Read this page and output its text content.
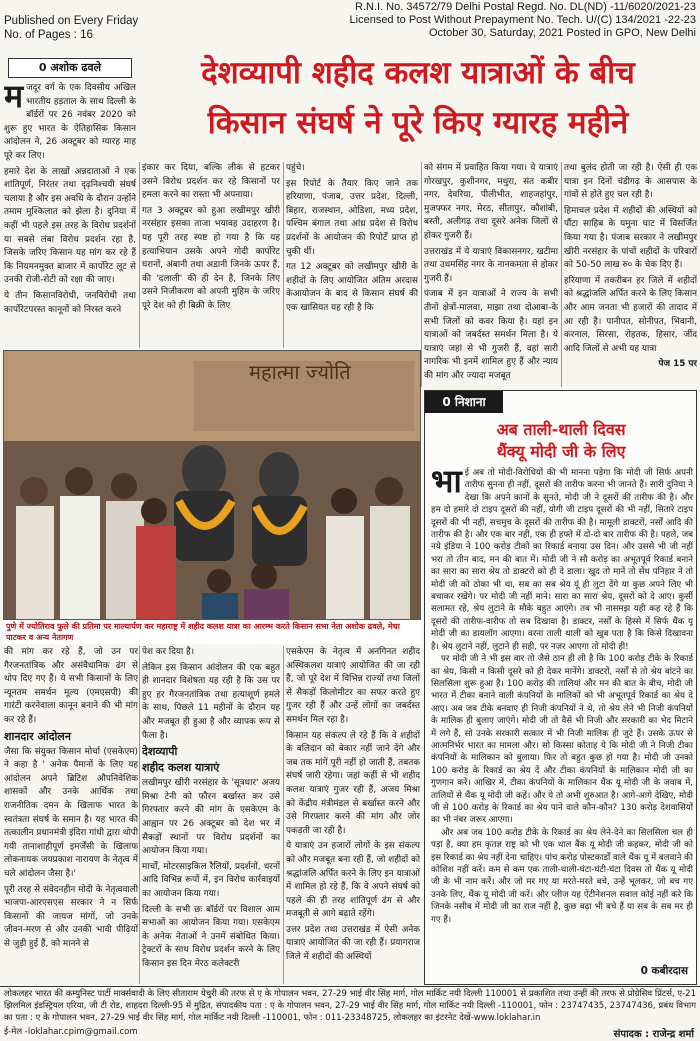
Published on Every Friday
No. of Pages : 16
R.N.I. No. 34572/79 Delhi Postal Regd. No. DL(ND) -11/6020/2021-23
Licensed to Post Without Prepayment No. Tech. U/(C) 134/2021 -22-23
October 30, Saturday, 2021 Posted in GPO, New Delhi
0 अशोक ढवले	देशव्यापी शहीद कलश यात्राओं के बीच
किसान संघर्ष ने पूरे किए ग्यारह महीने

मजदूर वर्ग के एक दिवसीय अखिल भारतीय हड़ताल के साथ दिल्ली के बॉर्डरों पर 26 नवंबर 2020 को शुरू हुए भारत के ऐतिहासिक किसान आंदोलन ने, 26 अक्टूबर को ग्यारह माह पूरे कर लिए।

हमारे देश के लाखों अन्नदाताओं ने एक शांतिपूर्ण, निरंतर तथा दृढ़निश्चयी संघर्ष चलाया है और इस अवधि के दौरान उन्होंने तमाम मुश्किलात को झेला है। दुनिया में कहीं भी पहले इस तरह के विरोध प्रदर्शनों या सबसे लंबा विरोध प्रदर्शन रहा है, जिसके जरिए किसान यह मांग कर रहे हैं कि नियमनमुक्त बाजार में कार्पोरेट लूट से उनकी रोजी-रोटी को रक्षा की जाए।

ये तीन किसानविरोधी, जनविरोधी तथा कार्पोरेटपरस्त कानूनों को निरस्त करने

इंकार कर दिया, बल्कि लीक से हटकर उसने विरोध प्रदर्शन कर रहे किसानों पर हमला करने का रास्ता भी अपनाया।

गत 3 अक्टूबर को हुआ लखीमपुर खीरी नरसंहार इसका ताजा भयावह उदाहरण है। यह पूरी तरह स्पष्ट हो गया है कि यह हत्याभियान उसके अपने गोदी कार्पोरेट घरानों, अंबानी तथा अडानी जिनके ऊपर हैं, की 'दलाली' की ही देन है, जिनके लिए उसने निजीकरण को अपनी मुहिम के जरिए पूरे देश को ही बिक्री के लिए

पहुंचे।

इस रिपोर्ट के तैयार किए जाने तक हरियाणा, पंजाब, उत्तर प्रदेश, दिल्ली, बिहार, राजस्थान, ओडिशा, मध्य प्रदेश, पश्चिम बंगाल तथा आंध्र प्रदेश से विरोध प्रदर्शनों के आयोजन की रिपोर्टें प्राप्त हो चुकी थीं।

गत 12 अक्टूबर को लखीमपुर खीरी के शहीदों के लिए आयोजित अंतिम अरदास केआयोजन के बाद से किसान संघर्ष की एक खासियत यह रही है कि

को संगम में प्रवाहित किया गया। ये यात्राएं गोरखपुर, कुशीनगर, मथुरा, संत कबीर नगर, देवरिया, पीलीभीत, शाहजहांपुर, मुजफ्फर नगर, मेरठ, सीतापुर, कौशांबी, बस्ती, अलीगढ़ तथा दूसरे अनेक जिलों से होकर गुजरी हैं।

उत्तराखंड में ये यात्राएं विकासनगर, खटीमा तथा उधमसिंह नगर के नानकमता से होकर गुजरी हैं।

पंजाब में इन यात्राओं ने राज्य के सभी तीनों क्षेत्रों-मालवा, माझा तथा दोआबा-के सभी जिलों को कवर किया है। यहां इन यात्राओं को जबर्दस्त समर्थन मिला है। ये यात्राएं जहां से भी गुजरी हैं, वहां सारी नागरिक भी इनमें शामिल हुए हैं और न्याय की मांग और ज्यादा मजबूत

तथा बुलंद होती जा रही है। ऐसी ही एक यात्रा इन दिनों चंडीगढ़ के आसपास के गांवों से होते हुए चल रही है।

हिमाचल प्रदेश में शहीदों की अस्थियों को पौंटा साहिब के यमुना घाट में विसर्जित किया गया है। पंजाब सरकार ने लखीमपुर खीरी नरसंहार के पांचों शहीदों के परिवारों को 50-50 लाख रु० के चेक दिए हैं।

हरियाणा में तकरीबन हर जिले में शहीदों को श्रद्धांजलि अर्पित करने के लिए किसान और आम जनता भी हजारों की तादाद में आ रही है। पानीपत, सोनीपत, भिवानी, करनाल, सिरसा, रोहतक, हिसार, जींद आदि जिलों से अभी यह यात्रा

पेज 15 पर

महात्मा ज्योति
पुणे में ज्योतिराव फुले की प्रतिमा पर माल्यार्पण कर महाराष्ट्र में शहीद कलश यात्रा का आरम्भ करते किसान सभा नेता अशोक ढवले, मेधा पाटकर व अन्य नेतागण

की मांग कर रहे हैं, जो उन पर गैरजनतांत्रिक और असंवैधानिक ढंग से थोप दिए गए हैं। ये सभी किसानों के लिए न्यूनतम समर्थन मूल्य (एमएसपी) की गारंटी करनेवाला कानून बनाने की भी मांग कर रहे हैं।

शानदार आंदोलन

जैसा कि संयुक्त किसान मोर्चा (एसकेएम) ने कहा है ' अनेक पैमानों के लिए यह आंदोलन अपने ब्रिटिश औपनिवेशिक शासकों और उनके आर्थिक तथा राजनीतिक दमन के खिलाफ भारत के स्वतंत्रता संघर्ष के समान है। यह भारत की तत्कालीन प्रधानमंत्री इंदिरा गांधी द्वारा थोपी गयी तानाशाहीपूर्ण इमर्जेंसी के खिलाफ लोकनायक जयप्रकाश नारायण के नेतृत्व में चले आंदोलन जैसा है।'

पूरी तरह से संवेदनहीन मोदी के नेतृत्ववाली भाजपा-आरएसएस सरकार ने न सिर्फ किसानों की जायज मांगों, जो उनके जीवन-मरण से और उनकी भावी पीढ़ियों से जुड़ी हुई हैं, को मानने से

पेश कर दिया है।

लेकिन इस किसान आंदोलन की एक बहुत ही शानदार विशेषता यह रही है कि उस पर हुए हर गैरजनतांत्रिक तथा हत्याशूर्ण हमले के साथ, पिछले 11 महीनों के दौरान यह और मजबूत ही हुआ है और व्यापक रूप से फैला है।

देशव्यापी
शहीद कलश यात्राएं

लखीमपुर खीरी नरसंहार के 'सूत्रधार' अजय मिश्रा टेनी को फौरन बर्खास्त कर उसे गिरफ्तार करने की मांग के एसकेएम के आह्वान पर 26 अक्टूबर को देश भर में सैकड़ों स्थानों पर विरोध प्रदर्शनों का आयोजन किया गया।

मार्चों, मोटरसाइकिल रैलियों, प्रदर्शनों, धरनों आदि विभिन्न रूपों में, इन विरोध कार्रवाइयों का आयोजन किया गया।

दिल्ली के सभी छः बॉर्डरों पर विशाल आम सभाओं का आयोजन किया गया। एसकेएम के अनेक नेताओं ने उनमें संबोधित किया। ट्रेक्टरों के साथ विरोध प्रदर्शन करने के लिए किसान इस दिन मेरठ कलेक्टरी

एसकेएम के नेतृत्व में अनगिनत शहीद अस्थिकलश यात्राएं आयोजित की जा रही हैं, जो पूरे देश में विभिन्न राज्यों तथा जिलों से सैकड़ों किलोमीटर का सफर करते हुए गुजर रही हैं और उन्हें लोगों का जबर्दस्त समर्थन मिल रहा है।

किसान यह संकल्प ले रहे हैं कि वे शहीदों के बलिदान को बेकार नहीं जाने देंगे और जब तक मांगें पूरी नहीं हो जाती हैं, तबतक संघर्ष जारी रहेगा। जहां कहीं से भी शहीद कलश यात्राएं गुजर रही हैं, अजय मिश्रा को केंद्रीय मंत्रीमंडल से बर्खास्त करने और उसे गिरफ्तार करने की मांग और जोर पकड़ती जा रही है।

ये यात्राएं उन हजारों लोगों के इस संकल्प को और मजबूत बना रही हैं, जो शहीदों को श्रद्धांजलि अर्पित करने के लिए इन यात्राओं में शामिल हो रहे हैं, कि वे अपने संघर्ष को पहले की ही तरह शांतिपूर्ण ढंग से और मजबूती से आगे बढ़ाते रहेंगे।

उत्तर प्रदेश तथा उत्तराखंड में ऐसी अनेक यात्राएं आयोजित की जा रही हैं। प्रयागराज जिले में शहीदों की अस्थियों

0 निशाना
अब ताली-थाली दिवस
थैंक्यू मोदी जी के लिए

भाई अब तो मोदी-विरोधियों की भी मानना पड़ेगा कि मोदी जी सिर्फ अपनी तारीफ सुनना ही नहीं, दूसरों की तारीफ करना भी जानते हैं। सारी दुनिया ने देखा कि अपने कानों के सुनते, मोदी जी ने दूसरों की तारीफ की है। और हम दो हमारे दो टाइप दूसरों की नहीं, योगी जी टाइप दूसरों की भी नहीं, सितारे टाइप दूसरों की भी नहीं, सचमुच के दूसरों की तारीफ की है। मामूली डाक्टरों, नर्सों आदि की तारीफ की है। और एक बार नहीं, एक ही हफ्ते में दो-दो बार तारीफ की है। पहले, जब नये इंडिया ने 100 करोड़ टीकों का रिकार्ड बनाया उस दिन। और उससे भी जी नहीं भरा तो तीन बाद, मन की बात में। मोदी जी ने सौ करोड़ का अभूतपूर्व रिकार्ड बनाने का सारा का सारा श्रेय तो डाक्टरों को ही दे डाला। खुद तो मानें तो सेंध पनिहार ने तो मोदी जी को ठोका भी था, सब का सब श्रेय यूं ही लुटा देंगे या कुछ अपने लिए भी बचाकर रखेंगे। पर मोदी जी नहीं माने। सारा का सारा श्रेय, दूसरों को दे आए। कुर्सी सलामत रहे, श्रेय लुटाने के मौके बहुत आएंगे। तब भी नासमझ यही कह रहे हैं कि दूसरों की तारीफ-वारीफ तो सब दिखावा है। डाक्टर, नर्सों के हिस्से में सिर्फ थैंक यू मोदी जी का डायलॉग आएगा। वरना ताली थाली को खुब पता है कि किसे दिखावना है। श्रेय लुटाने नहीं, लुटाने ही सही, पर नज़र आएगा तो मोदी ही!

पर मोदी जी ने भी इस बार तो जैसे ठान ही ली है कि 100 करोड़ टीके के रिकार्ड का श्रेय, किसी न किसी दूसरे को ही देकर मानेंगे। डाक्टरों, नर्सों से तो श्रेय बांटने का सिलसिला शुरू हुआ है। 100 करोड़ की तालियां और मन की बात के बीच, मोदी जी भारत में टीका बनाने वाली कंपनियों के मालिकों को भी अभूतपूर्व रिकार्ड का श्रेय दे आए। अब जब टीके बनवाए ही निजी कंपनियों ने थे, तो श्रेय लेने भी निजी कंपनियों के मालिक ही बुलाए जाएंगे। मोदी जी तो वैसे भी निजी और सरकारी का भेद मिटाने में लगे हैं, सो उनके सरकारी सत्कार में भी निजी मालिक ही जुटे हैं। उसके ऊपर से आत्मनिर्भर भारत का मामला और। सो किस्सा कोताह ये कि मोदी जी ने निजी टीका कंपनियों के मालिकान को बुलाया। फिर तो बहुत कुछ हो गया है। मोदी जी उनको 100 करोड़ के रिकार्ड का श्रेय दें और टीका कंपनियों के मालिकान मोदी जी का गुणगान करें। आखिर में, टीका कंपनियों के मालिकान थैंक यू मोदी जी के जवाब में, तालियों से थैंक यू मोदी जी कहें। और ये तो अभी शुरुआत है। आगे-आगे देखिए, मोदी जी से 100 करोड़ के रिकार्ड का श्रेय पाने वाले कौन-कौन? 130 करोड़ देशवासियों का भी नंबर जरूर आएगा।

और अब जब 100 करोड़ टीके के रिकार्ड का श्रेय लेने-देने का सिलसिला चल ही पड़ा है, क्या हम कृतज्ञ राष्ट्र को भी एक थाल बैंक यू मोदी जी कहकर, मोदी जी को इस रिकार्ड का श्रेय नहीं देना चाहिए। पांच करोड़ पोस्टकार्डों वाले थैंक यू में बलवाने की कोशिश नहीं करें। कम से कम एक ताली-थाली-घंटा-घंटी-घंटा दिवस तो थैंक यू मोदी जी के भी नाम करें। और जो मर गए या मरते-मरते बचे, उन्हें भूलकर, जो बच गए उनके लिए, थैंक यू मोदी जी करें। और प्लीज यह ऐंटीनेशनल सवाल कोई नहीं करे कि जिनके नसीब में मोदी जी का राज नहीं है, कुछ बढ़ा भी बचे हैं या सब के सब मर ही गए हैं।

0 कबीरदास
लोकलहर भारत की कम्युनिस्ट पार्टी मार्क्सवादी के लिए सीताराम येचुरी की तरफ से ए के गोपालन भवन, 27-29 भाई वीर सिंह मार्ग, गोल मार्किट नयी दिल्ली 110001 से प्रकाशित तथा उन्हीं की तरफ से प्रोग्रेसिव प्रिंटर्स, ए-21 झिलमिल इंडस्ट्रियल एरिया, जी टी रोड, शाहदरा दिल्ली-95 में मुद्रित, संपादकीय पता : ए के गोपालन भवन, 27-29 भाई वीर सिंह मार्ग, गोल मार्किट नयी दिल्ली -110001, फोन : 23747435, 23747436, प्रबंध विभाग का पता : ए के गोपालन भवन, 27-29 भाई वीर सिंह मार्ग, गोल मार्किट नयी दिल्ली -110001, फोन : 011-23348725, लोकलहर का इंटरनेट देखें-www.loklahar.in
ई-मेल -loklahar.cpim@gmail.com	संपादक : राजेन्द्र शर्मा
